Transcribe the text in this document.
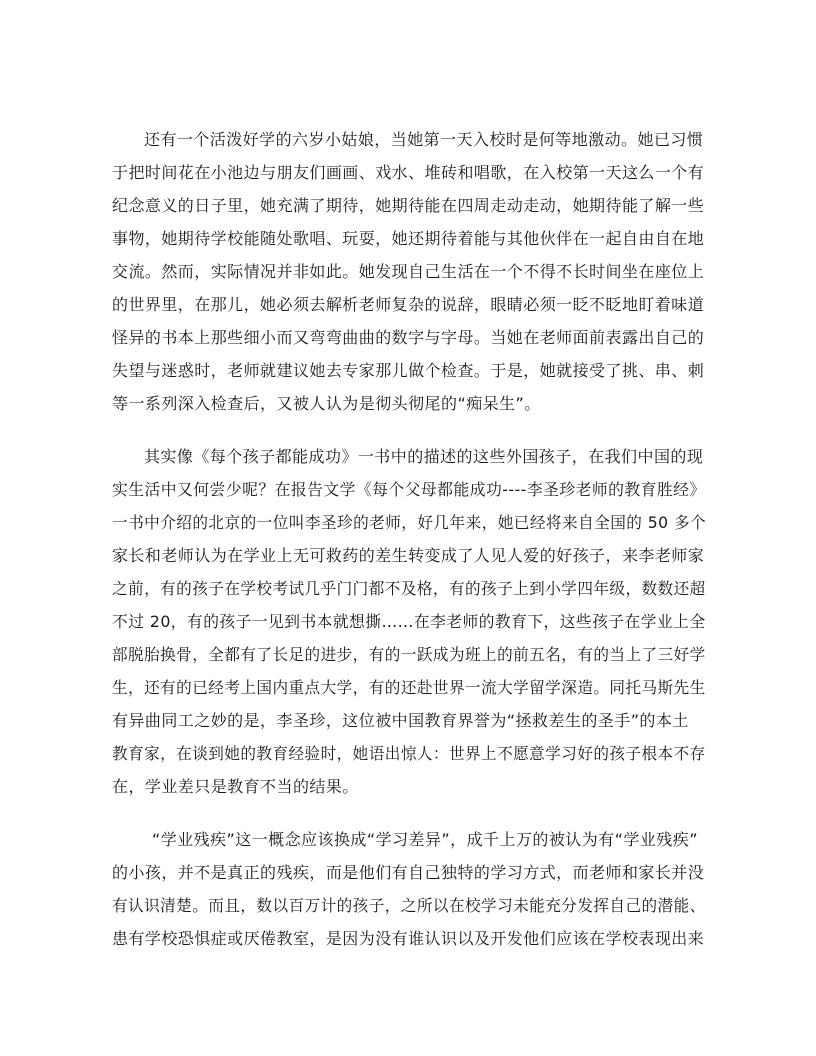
还有一个活泼好学的六岁小姑娘，当她第一天入校时是何等地激动。她已习惯
于把时间花在小池边与朋友们画画、戏水、堆砖和唱歌，在入校第一天这么一个有
纪念意义的日子里，她充满了期待，她期待能在四周走动走动，她期待能了解一些
事物，她期待学校能随处歌唱、玩耍，她还期待着能与其他伙伴在一起自由自在地
交流。然而，实际情况并非如此。她发现自己生活在一个不得不长时间坐在座位上
的世界里，在那儿，她必须去解析老师复杂的说辞，眼睛必须一眨不眨地盯着味道
怪异的书本上那些细小而又弯弯曲曲的数字与字母。当她在老师面前表露出自己的
失望与迷惑时，老师就建议她去专家那儿做个检查。于是，她就接受了挑、串、刺
等一系列深入检查后，又被人认为是彻头彻尾的“痴呆生”。
其实像《每个孩子都能成功》一书中的描述的这些外国孩子，在我们中国的现
实生活中又何尝少呢？在报告文学《每个父母都能成功----李圣珍老师的教育胜经》
一书中介绍的北京的一位叫李圣珍的老师，好几年来，她已经将来自全国的 50 多个
家长和老师认为在学业上无可救药的差生转变成了人见人爱的好孩子，来李老师家
之前，有的孩子在学校考试几乎门门都不及格，有的孩子上到小学四年级，数数还超
不过 20，有的孩子一见到书本就想撕……在李老师的教育下，这些孩子在学业上全
部脱胎换骨，全都有了长足的进步，有的一跃成为班上的前五名，有的当上了三好学
生，还有的已经考上国内重点大学，有的还赴世界一流大学留学深造。同托马斯先生
有异曲同工之妙的是，李圣珍，这位被中国教育界誉为“拯救差生的圣手”的本土
教育家，在谈到她的教育经验时，她语出惊人：世界上不愿意学习好的孩子根本不存
在，学业差只是教育不当的结果。
“学业残疾”这一概念应该换成“学习差异”，成千上万的被认为有“学业残疾”
的小孩，并不是真正的残疾，而是他们有自己独特的学习方式，而老师和家长并没
有认识清楚。而且，数以百万计的孩子，之所以在校学习未能充分发挥自己的潜能、
患有学校恐惧症或厌倦教室，是因为没有谁认识以及开发他们应该在学校表现出来
